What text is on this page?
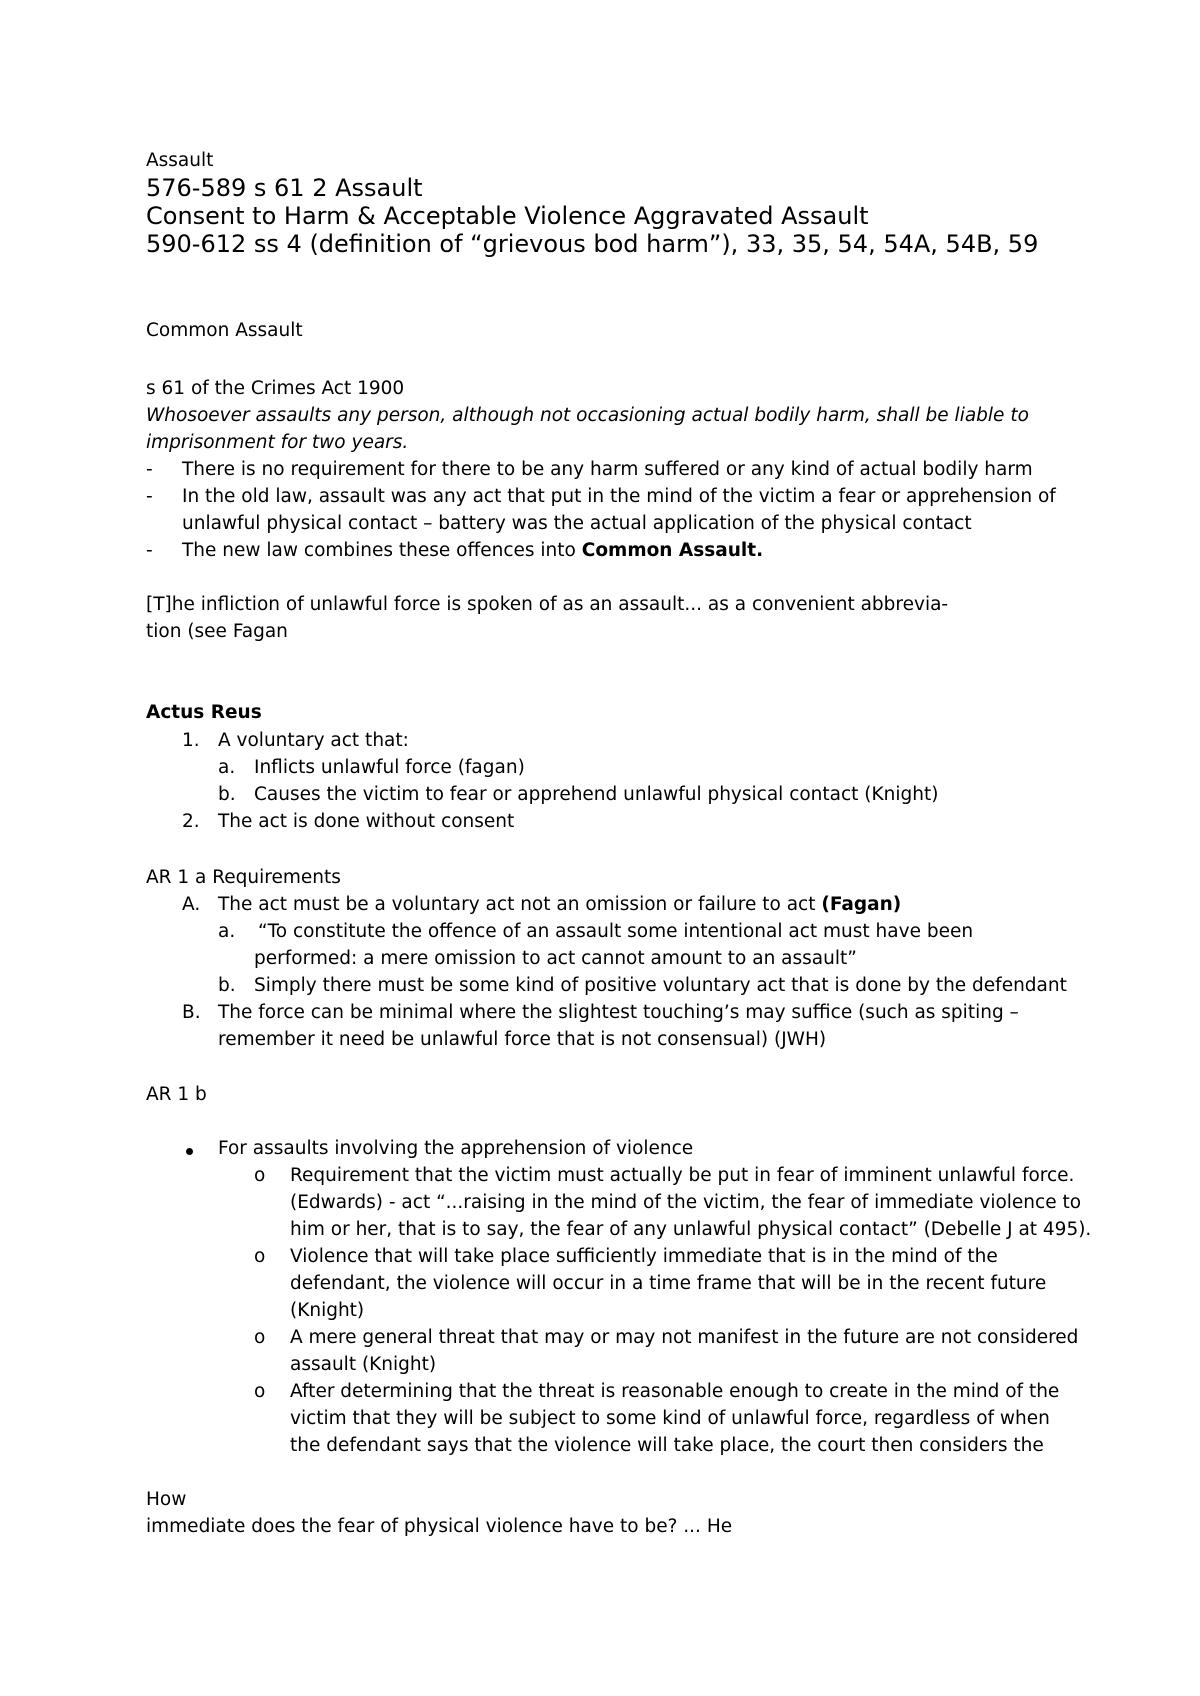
Assault
576-589 s 61 2 Assault
Consent to Harm & Acceptable Violence Aggravated Assault
590-612 ss 4 (definition of “grievous bod harm”), 33, 35, 54, 54A, 54B, 59
Common Assault
s 61 of the Crimes Act 1900
Whosoever assaults any person, although not occasioning actual bodily harm, shall be liable to
imprisonment for two years.
- There is no requirement for there to be any harm suffered or any kind of actual bodily harm
- In the old law, assault was any act that put in the mind of the victim a fear or apprehension of
unlawful physical contact – battery was the actual application of the physical contact
- The new law combines these offences into Common Assault.
[T]he infliction of unlawful force is spoken of as an assault... as a convenient abbrevia-
tion (see Fagan
Actus Reus
1. A voluntary act that:
a. Inflicts unlawful force (fagan)
b. Causes the victim to fear or apprehend unlawful physical contact (Knight)
2. The act is done without consent
AR 1 a Requirements
A. The act must be a voluntary act not an omission or failure to act (Fagan)
a. “To constitute the offence of an assault some intentional act must have been
performed: a mere omission to act cannot amount to an assault”
b. Simply there must be some kind of positive voluntary act that is done by the defendant
B. The force can be minimal where the slightest touching’s may suffice (such as spiting –
remember it need be unlawful force that is not consensual) (JWH)
AR 1 b
For assaults involving the apprehension of violence
o Requirement that the victim must actually be put in fear of imminent unlawful force.
(Edwards) - act “...raising in the mind of the victim, the fear of immediate violence to
him or her, that is to say, the fear of any unlawful physical contact” (Debelle J at 495).
o Violence that will take place sufficiently immediate that is in the mind of the
defendant, the violence will occur in a time frame that will be in the recent future
(Knight)
o A mere general threat that may or may not manifest in the future are not considered
assault (Knight)
o After determining that the threat is reasonable enough to create in the mind of the
victim that they will be subject to some kind of unlawful force, regardless of when
the defendant says that the violence will take place, the court then considers the
How
immediate does the fear of physical violence have to be? ... He
